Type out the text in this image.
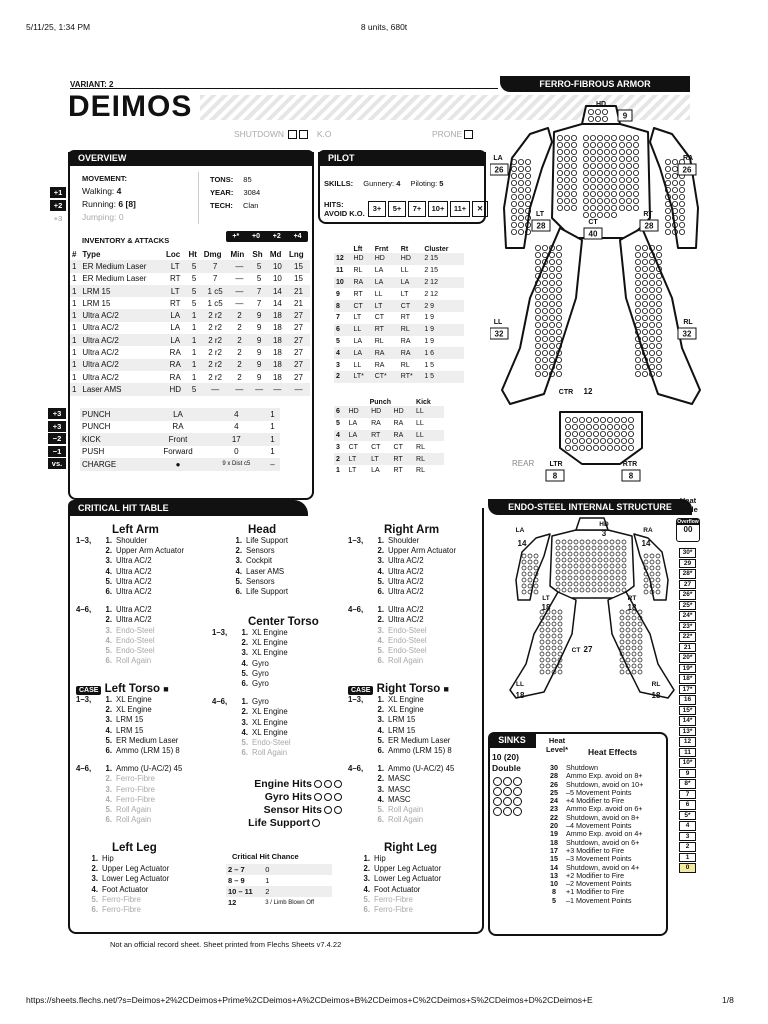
5/11/25, 1:34 PM	8 units, 680t
https://sheets.flechs.net/?s=Deimos+2%2CDeimos+Prime%2CDeimos+A%2CDeimos+B%2CDeimos+C%2CDeimos+S%2CDeimos+D%2CDeimos+E	1/8
VARIANT: 2
DEIMOS
FERRO-FIBROUS ARMOR
SHUTDOWN	K.O	PRONE
OVERVIEW
MOVEMENT:
Walking: 4
Running: 6 [8]
Jumping: 0
+1
+2
+3
TONS: 85
YEAR: 3084
TECH: Clan
+* +0 +2 +4
INVENTORY & ATTACKS
#	Type	Loc	Ht	Dmg	Min	Sh	Md	Lng
1	ER Medium Laser	LT	5	7	—	5	10	15
1	ER Medium Laser	RT	5	7	—	5	10	15
1	LRM 15	LT	5	1 c5	—	7	14	21
1	LRM 15	RT	5	1 c5	—	7	14	21
1	Ultra AC/2	LA	1	2 r2	2	9	18	27
1	Ultra AC/2	LA	1	2 r2	2	9	18	27
1	Ultra AC/2	LA	1	2 r2	2	9	18	27
1	Ultra AC/2	RA	1	2 r2	2	9	18	27
1	Ultra AC/2	RA	1	2 r2	2	9	18	27
1	Ultra AC/2	RA	1	2 r2	2	9	18	27
1	Laser AMS	HD	5	—	—	—	—	—
+3
+3
−2
−1
vs.
PUNCH	LA	4	1
PUNCH	RA	4	1
KICK	Front	17	1
PUSH	Forward	0	1
CHARGE	●	9 x Dist c5	–
PILOT
SKILLS: Gunnery: 4 Piloting: 5
HITS:
AVOID K.O.
3+	5+	7+	10+	11+	✕
	Lft	Frnt	Rt	Cluster
12	HD	HD	HD	2 15
11	RL	LA	LL	2 15
10	RA	LA	LA	2 12
9	RT	LL	LT	2 12
8	CT	LT	CT	2 9
7	LT	CT	RT	1 9
6	LL	RT	RL	1 9
5	LA	RL	RA	1 9
4	LA	RA	RA	1 6
3	LL	RA	RL	1 5
2	LT*	CT*	RT*	1 5
	Punch			Kick
6	HD	HD	HD	LL
5	LA	RA	RA	LL
4	LA	RT	RA	LL
3	CT	CT	CT	RL
2	LT	LT	RT	RL
1	LT	LA	RT	RL
HD
LA	RA
LT
CT
RT
LL	RL
CTR
LTR	RTR
9
26	26
28
40
28
32	32
12
8	8
REAR
CRITICAL HIT TABLE
Left Arm
1–3, 1. Shoulder
2. Upper Arm Actuator
3. Ultra AC/2
4. Ultra AC/2
5. Ultra AC/2
6. Ultra AC/2
4–6, 1. Ultra AC/2
2. Ultra AC/2
3. Endo-Steel
4. Endo-Steel
5. Endo-Steel
6. Roll Again
Head
1. Life Support
2. Sensors
3. Cockpit
4. Laser AMS
5. Sensors
6. Life Support
Right Arm
1–3, 1. Shoulder
2. Upper Arm Actuator
3. Ultra AC/2
4. Ultra AC/2
5. Ultra AC/2
6. Ultra AC/2
4–6, 1. Ultra AC/2
2. Ultra AC/2
3. Endo-Steel
4. Endo-Steel
5. Endo-Steel
6. Roll Again
Center Torso
1–3, 1. XL Engine
2. XL Engine
3. XL Engine
4. Gyro
5. Gyro
6. Gyro
4–6, 1. Gyro
2. XL Engine
3. XL Engine
4. XL Engine
5. Endo-Steel
6. Roll Again
CASE Left Torso ■
1–3, 1. XL Engine
2. XL Engine
3. LRM 15
4. LRM 15
5. ER Medium Laser
6. Ammo (LRM 15) 8
4–6, 1. Ammo (U-AC/2) 45
2. Ferro-Fibre
3. Ferro-Fibre
4. Ferro-Fibre
5. Roll Again
6. Roll Again
CASE Right Torso ■
1–3, 1. XL Engine
2. XL Engine
3. LRM 15
4. LRM 15
5. ER Medium Laser
6. Ammo (LRM 15) 8
4–6, 1. Ammo (U-AC/2) 45
2. MASC
3. MASC
4. MASC
5. Roll Again
6. Roll Again
Engine Hits
Gyro Hits
Sensor Hits
Life Support
Left Leg
1. Hip
2. Upper Leg Actuator
3. Lower Leg Actuator
4. Foot Actuator
5. Ferro-Fibre
6. Ferro-Fibre
Right Leg
1. Hip
2. Upper Leg Actuator
3. Lower Leg Actuator
4. Foot Actuator
5. Ferro-Fibre
6. Ferro-Fibre
Critical Hit Chance
2 – 7	0
8 – 9	1
10 – 11	2
12	3 / Limb Blown Off
Not an official record sheet. Sheet printed from Flechs Sheets v7.4.22
ENDO-STEEL INTERNAL STRUCTURE
HD
LA	RA
LT
CT
RT
LL	RL
3
14	14
18
27
18
18	18
Heat Scale
Overflow
00
30*
29
28*
27
26*
25*
24*
23*
22*
21
20*
19*
18*
17*
16
15*
14*
13*
12
11
10*
9
8*
7
6
5*
4
3
2
1
0
SINKS
10 (20)
Double
Heat Level*	Heat Effects
30	Shutdown
28	Ammo Exp. avoid on 8+
26	Shutdown, avoid on 10+
25	–5 Movement Points
24	+4 Modifier to Fire
23	Ammo Exp. avoid on 6+
22	Shutdown, avoid on 8+
20	–4 Movement Points
19	Ammo Exp. avoid on 4+
18	Shutdown, avoid on 6+
17	+3 Modifier to Fire
15	–3 Movement Points
14	Shutdown, avoid on 4+
13	+2 Modifier to Fire
10	–2 Movement Points
8	+1 Modifier to Fire
5	–1 Movement Points
